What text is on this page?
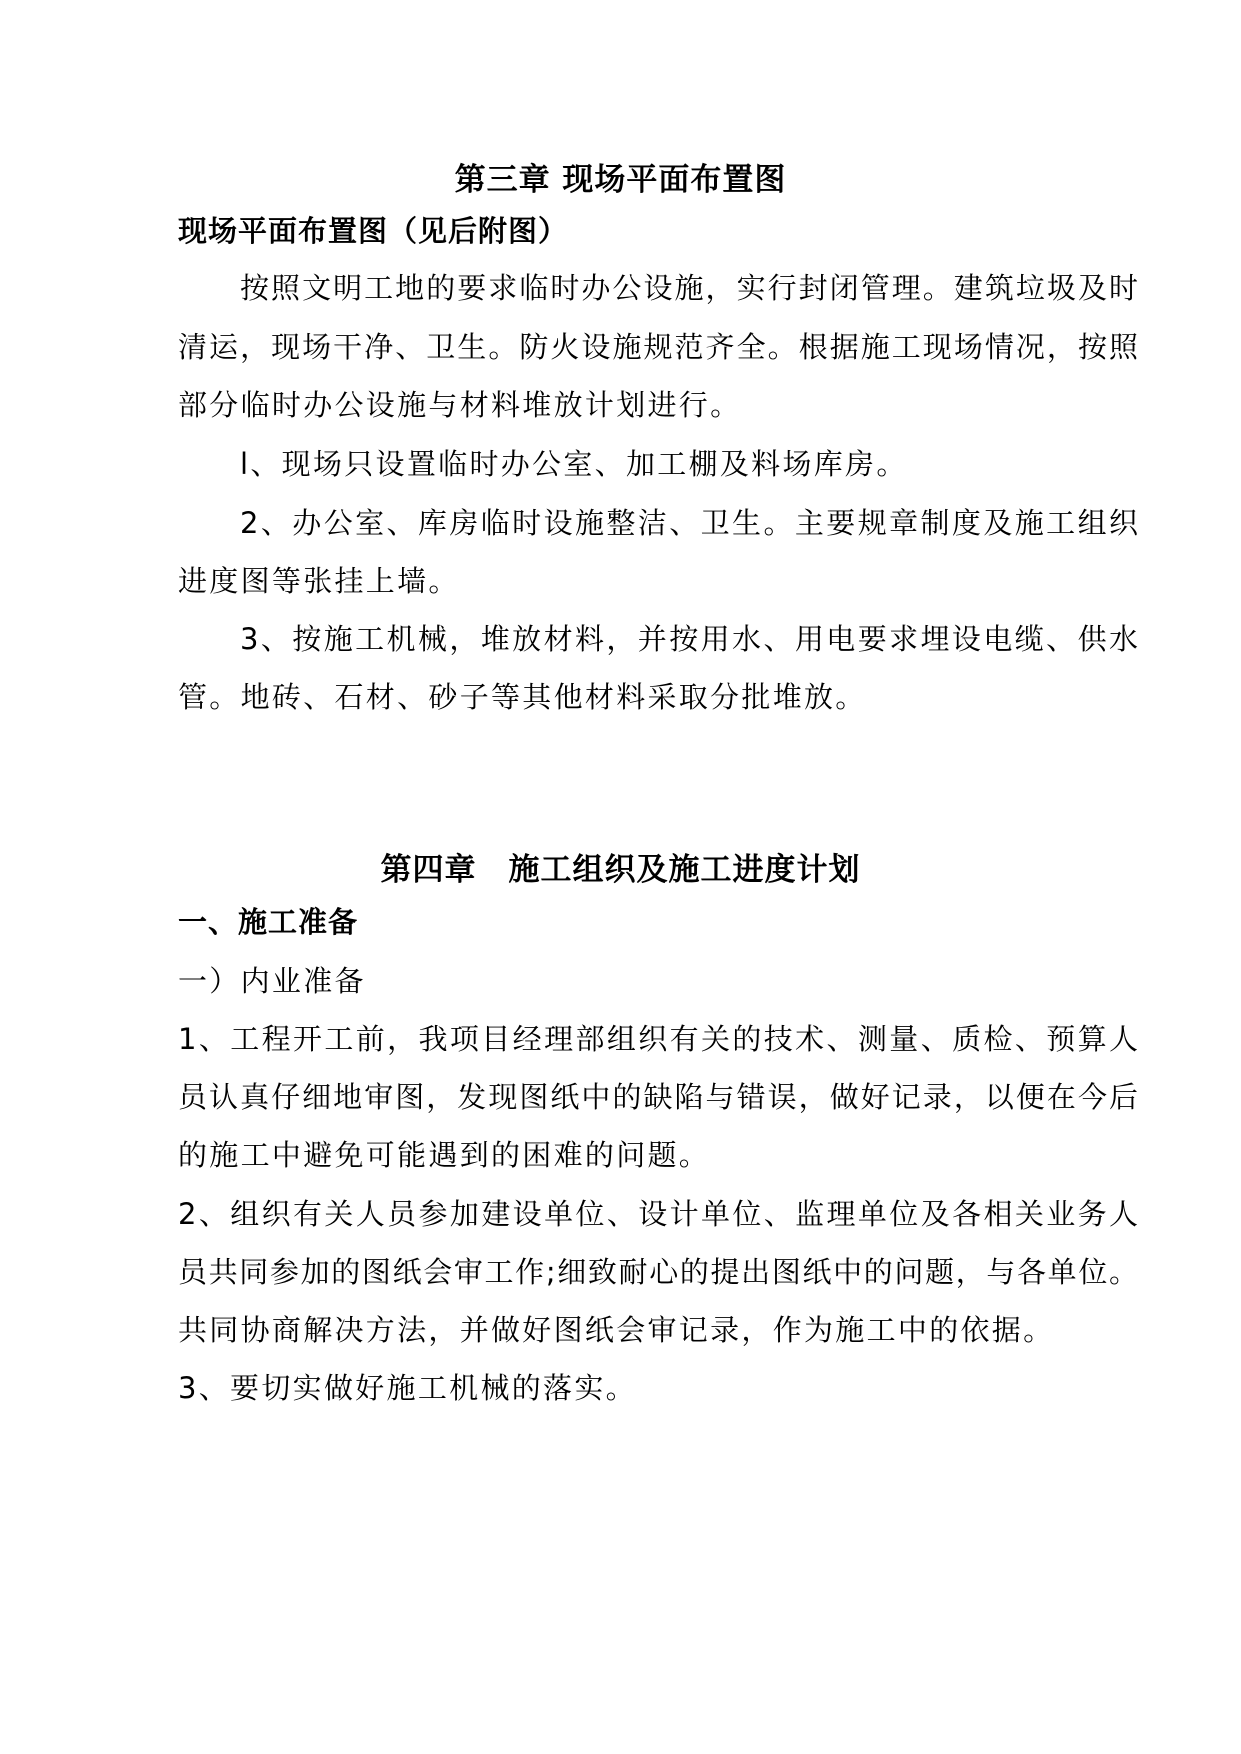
第三章 现场平面布置图
现场平面布置图（见后附图）
按照文明工地的要求临时办公设施，实行封闭管理。建筑垃圾及时
清运，现场干净、卫生。防火设施规范齐全。根据施工现场情况，按照
部分临时办公设施与材料堆放计划进行。
l、现场只设置临时办公室、加工棚及料场库房。
2、办公室、库房临时设施整洁、卫生。主要规章制度及施工组织
进度图等张挂上墙。
3、按施工机械，堆放材料，并按用水、用电要求埋设电缆、供水
管。地砖、石材、砂子等其他材料采取分批堆放。
第四章　施工组织及施工进度计划
一、施工准备
一）内业准备
1、工程开工前，我项目经理部组织有关的技术、测量、质检、预算人
员认真仔细地审图，发现图纸中的缺陷与错误，做好记录，以便在今后
的施工中避免可能遇到的困难的问题。
2、组织有关人员参加建设单位、设计单位、监理单位及各相关业务人
员共同参加的图纸会审工作;细致耐心的提出图纸中的问题，与各单位。
共同协商解决方法，并做好图纸会审记录，作为施工中的依据。
3、要切实做好施工机械的落实。
